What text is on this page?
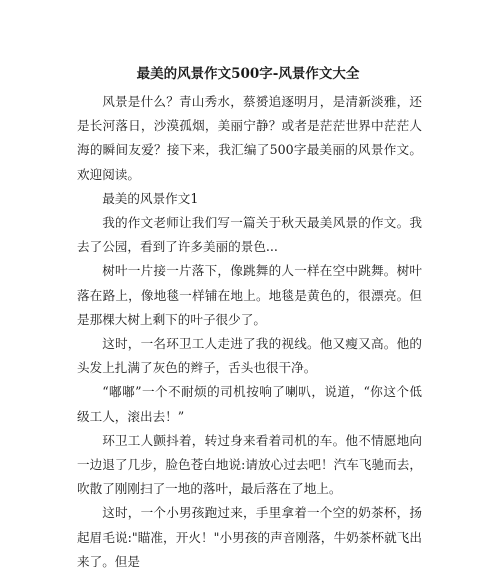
最美的风景作文500字-风景作文大全

风景是什么？青山秀水，蔡赟追逐明月，是清新淡雅，还是长河落日，沙漠孤烟，美丽宁静？或者是茫茫世界中茫茫人海的瞬间友爱？接下来，我汇编了500字最美丽的风景作文。欢迎阅读。

最美的风景作文1

我的作文老师让我们写一篇关于秋天最美风景的作文。我去了公园，看到了许多美丽的景色...

树叶一片接一片落下，像跳舞的人一样在空中跳舞。树叶落在路上，像地毯一样铺在地上。地毯是黄色的，很漂亮。但是那棵大树上剩下的叶子很少了。

这时，一名环卫工人走进了我的视线。他又瘦又高。他的头发上扎满了灰色的辫子，舌头也很干净。

“嘟嘟”一个不耐烦的司机按响了喇叭，说道，“你这个低级工人，滚出去！”

环卫工人颤抖着，转过身来看着司机的车。他不情愿地向一边退了几步，脸色苍白地说:请放心过去吧！汽车飞驰而去，吹散了刚刚扫了一地的落叶，最后落在了地上。

这时，一个小男孩跑过来，手里拿着一个空的奶茶杯，扬起眉毛说:"瞄准，开火！"小男孩的声音刚落，牛奶茶杯就飞出来了。但是
